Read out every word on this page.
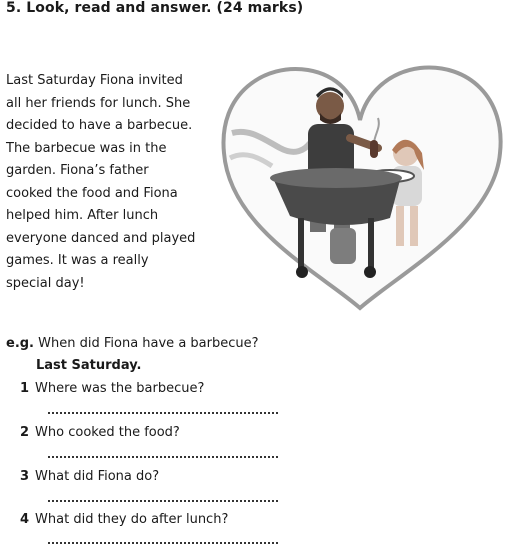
5. Look, read and answer. (24 marks)
Last Saturday Fiona invited
all her friends for lunch. She
decided to have a barbecue.
The barbecue was in the
garden. Fiona’s father
cooked the food and Fiona
helped him. After lunch
everyone danced and played
games. It was a really
special day!
e.g. When did Fiona have a barbecue?
Last Saturday.
1 Where was the barbecue?
2 Who cooked the food?
3 What did Fiona do?
4 What did they do after lunch?
